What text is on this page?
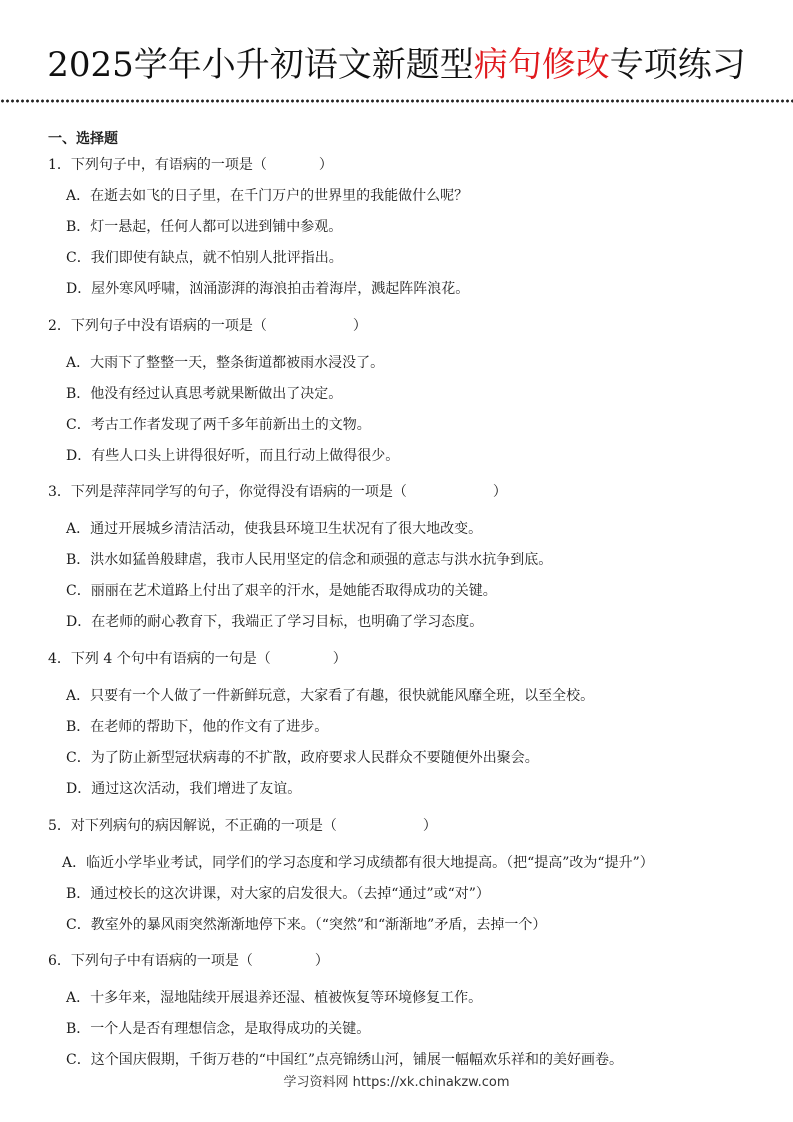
2025学年小升初语文新题型病句修改专项练习
一、选择题
1．下列句子中，有语病的一项是（	）
A．在逝去如飞的日子里，在千门万户的世界里的我能做什么呢？
B．灯一悬起，任何人都可以进到铺中参观。
C．我们即使有缺点，就不怕别人批评指出。
D．屋外寒风呼啸，汹涌澎湃的海浪拍击着海岸，溅起阵阵浪花。
2．下列句子中没有语病的一项是（	）
A．大雨下了整整一天，整条街道都被雨水浸没了。
B．他没有经过认真思考就果断做出了决定。
C．考古工作者发现了两千多年前新出土的文物。
D．有些人口头上讲得很好听，而且行动上做得很少。
3．下列是萍萍同学写的句子，你觉得没有语病的一项是（	）
A．通过开展城乡清洁活动，使我县环境卫生状况有了很大地改变。
B．洪水如猛兽般肆虐，我市人民用坚定的信念和顽强的意志与洪水抗争到底。
C．丽丽在艺术道路上付出了艰辛的汗水，是她能否取得成功的关键。
D．在老师的耐心教育下，我端正了学习目标，也明确了学习态度。
4．下列 4 个句中有语病的一句是（	）
A．只要有一个人做了一件新鲜玩意，大家看了有趣，很快就能风靡全班，以至全校。
B．在老师的帮助下，他的作文有了进步。
C．为了防止新型冠状病毒的不扩散，政府要求人民群众不要随便外出聚会。
D．通过这次活动，我们增进了友谊。
5．对下列病句的病因解说，不正确的一项是（	）
A．临近小学毕业考试，同学们的学习态度和学习成绩都有很大地提高。（把“提高”改为“提升”）
B．通过校长的这次讲课，对大家的启发很大。（去掉“通过”或“对”）
C．教室外的暴风雨突然渐渐地停下来。（“突然”和“渐渐地”矛盾，去掉一个）
6．下列句子中有语病的一项是（	）
A．十多年来，湿地陆续开展退养还湿、植被恢复等环境修复工作。
B．一个人是否有理想信念，是取得成功的关键。
C．这个国庆假期，千街万巷的“中国红”点亮锦绣山河，铺展一幅幅欢乐祥和的美好画卷。
学习资料网 https://xk.chinakzw.com
